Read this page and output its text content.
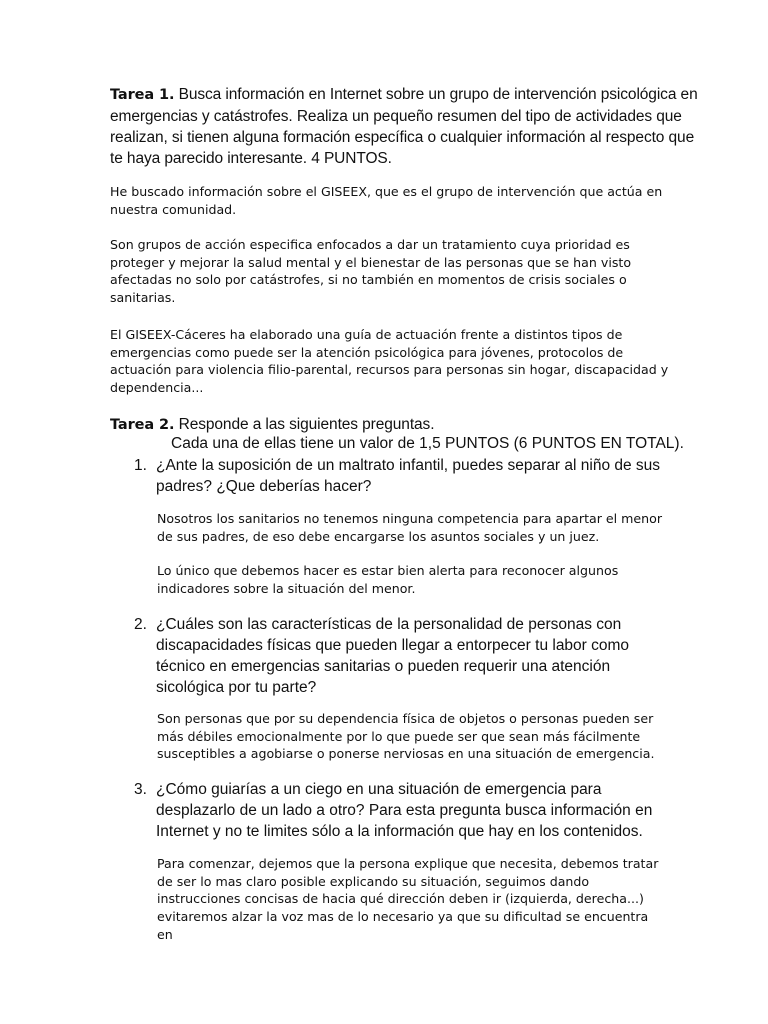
Tarea 1. Busca información en Internet sobre un grupo de intervención psicológica en emergencias y catástrofes. Realiza un pequeño resumen del tipo de actividades que realizan, si tienen alguna formación específica o cualquier información al respecto que te haya parecido interesante. 4 PUNTOS.

He buscado información sobre el GISEEX, que es el grupo de intervención que actúa en nuestra comunidad.

Son grupos de acción especifica enfocados a dar un tratamiento cuya prioridad es proteger y mejorar la salud mental y el bienestar de las personas que se han visto afectadas no solo por catástrofes, si no también en momentos de crisis sociales o sanitarias.

El GISEEX-Cáceres ha elaborado una guía de actuación frente a distintos tipos de emergencias como puede ser la atención psicológica para jóvenes, protocolos de actuación para violencia filio-parental, recursos para personas sin hogar, discapacidad y dependencia...

Tarea 2. Responde a las siguientes preguntas.

Cada una de ellas tiene un valor de 1,5 PUNTOS (6 PUNTOS EN TOTAL).
1. ¿Ante la suposición de un maltrato infantil, puedes separar al niño de sus padres? ¿Que deberías hacer?

Nosotros los sanitarios no tenemos ninguna competencia para apartar el menor de sus padres, de eso debe encargarse los asuntos sociales y un juez.

Lo único que debemos hacer es estar bien alerta para reconocer algunos indicadores sobre la situación del menor.

2. ¿Cuáles son las características de la personalidad de personas con discapacidades físicas que pueden llegar a entorpecer tu labor como técnico en emergencias sanitarias o pueden requerir una atención sicológica por tu parte?

Son personas que por su dependencia física de objetos o personas pueden ser más débiles emocionalmente por lo que puede ser que sean más fácilmente susceptibles a agobiarse o ponerse nerviosas en una situación de emergencia.

3. ¿Cómo guiarías a un ciego en una situación de emergencia para desplazarlo de un lado a otro? Para esta pregunta busca información en Internet y no te limites sólo a la información que hay en los contenidos.

Para comenzar, dejemos que la persona explique que necesita, debemos tratar de ser lo mas claro posible explicando su situación, seguimos dando instrucciones concisas de hacia qué dirección deben ir (izquierda, derecha...) evitaremos alzar la voz mas de lo necesario ya que su dificultad se encuentra en
